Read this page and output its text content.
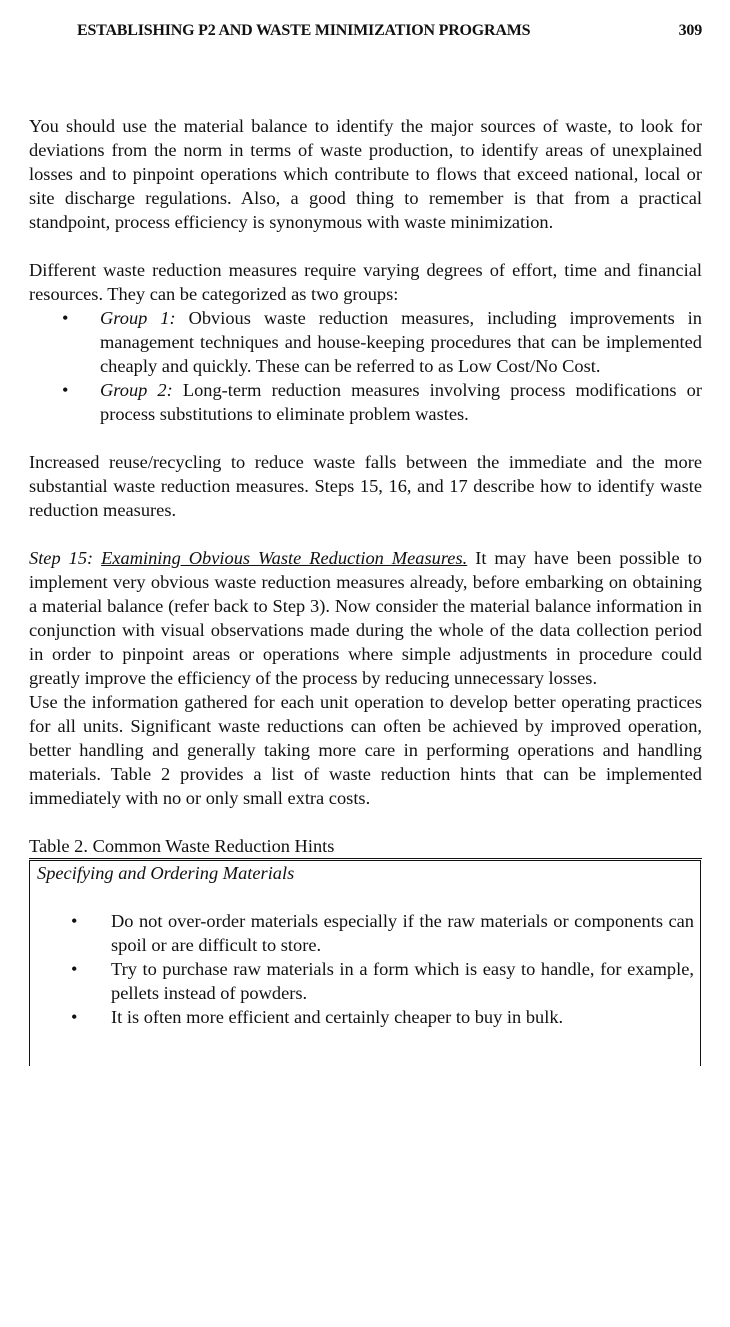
ESTABLISHING P2 AND WASTE MINIMIZATION PROGRAMS	309

You should use the material balance to identify the major sources of waste, to look for deviations from the norm in terms of waste production, to identify areas of unexplained losses and to pinpoint operations which contribute to flows that exceed national, local or site discharge regulations. Also, a good thing to remember is that from a practical standpoint, process efficiency is synonymous with waste minimization.

Different waste reduction measures require varying degrees of effort, time and financial resources. They can be categorized as two groups:

• Group 1: Obvious waste reduction measures, including improvements in management techniques and house-keeping procedures that can be implemented cheaply and quickly. These can be referred to as Low Cost/No Cost.
• Group 2: Long-term reduction measures involving process modifications or process substitutions to eliminate problem wastes.

Increased reuse/recycling to reduce waste falls between the immediate and the more substantial waste reduction measures. Steps 15, 16, and 17 describe how to identify waste reduction measures.

Step 15: Examining Obvious Waste Reduction Measures. It may have been possible to implement very obvious waste reduction measures already, before embarking on obtaining a material balance (refer back to Step 3). Now consider the material balance information in conjunction with visual observations made during the whole of the data collection period in order to pinpoint areas or operations where simple adjustments in procedure could greatly improve the efficiency of the process by reducing unnecessary losses.

Use the information gathered for each unit operation to develop better operating practices for all units. Significant waste reductions can often be achieved by improved operation, better handling and generally taking more care in performing operations and handling materials. Table 2 provides a list of waste reduction hints that can be implemented immediately with no or only small extra costs.

Table 2. Common Waste Reduction Hints
Specifying and Ordering Materials
• Do not over-order materials especially if the raw materials or components can spoil or are difficult to store.
• Try to purchase raw materials in a form which is easy to handle, for example, pellets instead of powders.
• It is often more efficient and certainly cheaper to buy in bulk.
